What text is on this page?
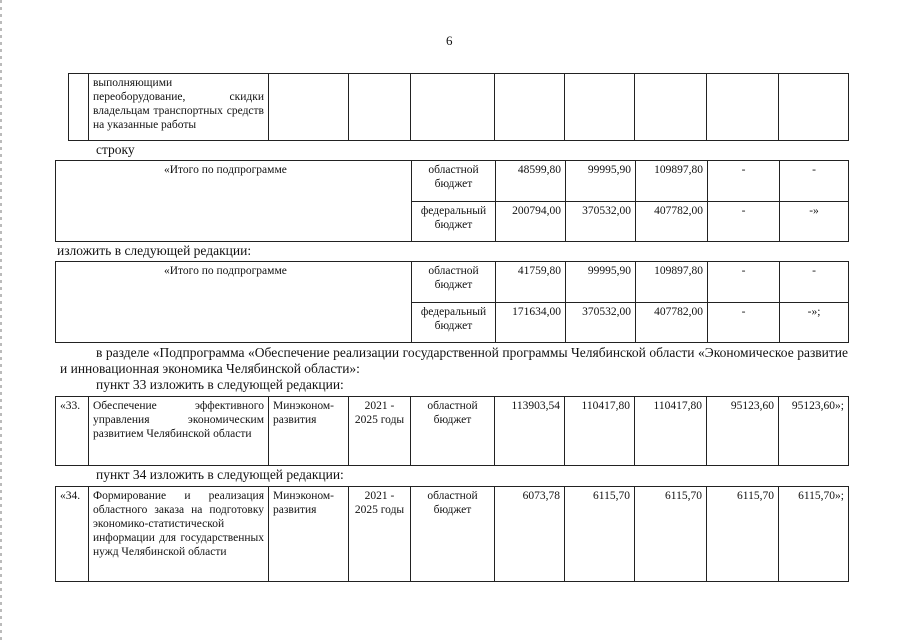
6
	выполняющими переоборудование, скидки владельцам транспортных средств на указанные работы								
строку
«Итого по подпрограмме	областной бюджет	48599,80	99995,90	109897,80	-	-
	федеральный бюджет	200794,00	370532,00	407782,00	-	-»
изложить в следующей редакции:
«Итого по подпрограмме	областной бюджет	41759,80	99995,90	109897,80	-	-
	федеральный бюджет	171634,00	370532,00	407782,00	-	-»;
в разделе «Подпрограмма «Обеспечение реализации государственной программы Челябинской области «Экономическое развитие и инновационная экономика Челябинской области»:
пункт 33 изложить в следующей редакции:
«33.	Обеспечение эффективного управления экономическим развитием Челябинской области	Минэконом-развития	2021 - 2025 годы	областной бюджет	113903,54	110417,80	110417,80	95123,60	95123,60»;
пункт 34 изложить в следующей редакции:
«34.	Формирование и реализация областного заказа на подготовку экономико-статистической информации для государственных нужд Челябинской области	Минэконом-развития	2021 - 2025 годы	областной бюджет	6073,78	6115,70	6115,70	6115,70	6115,70»;
